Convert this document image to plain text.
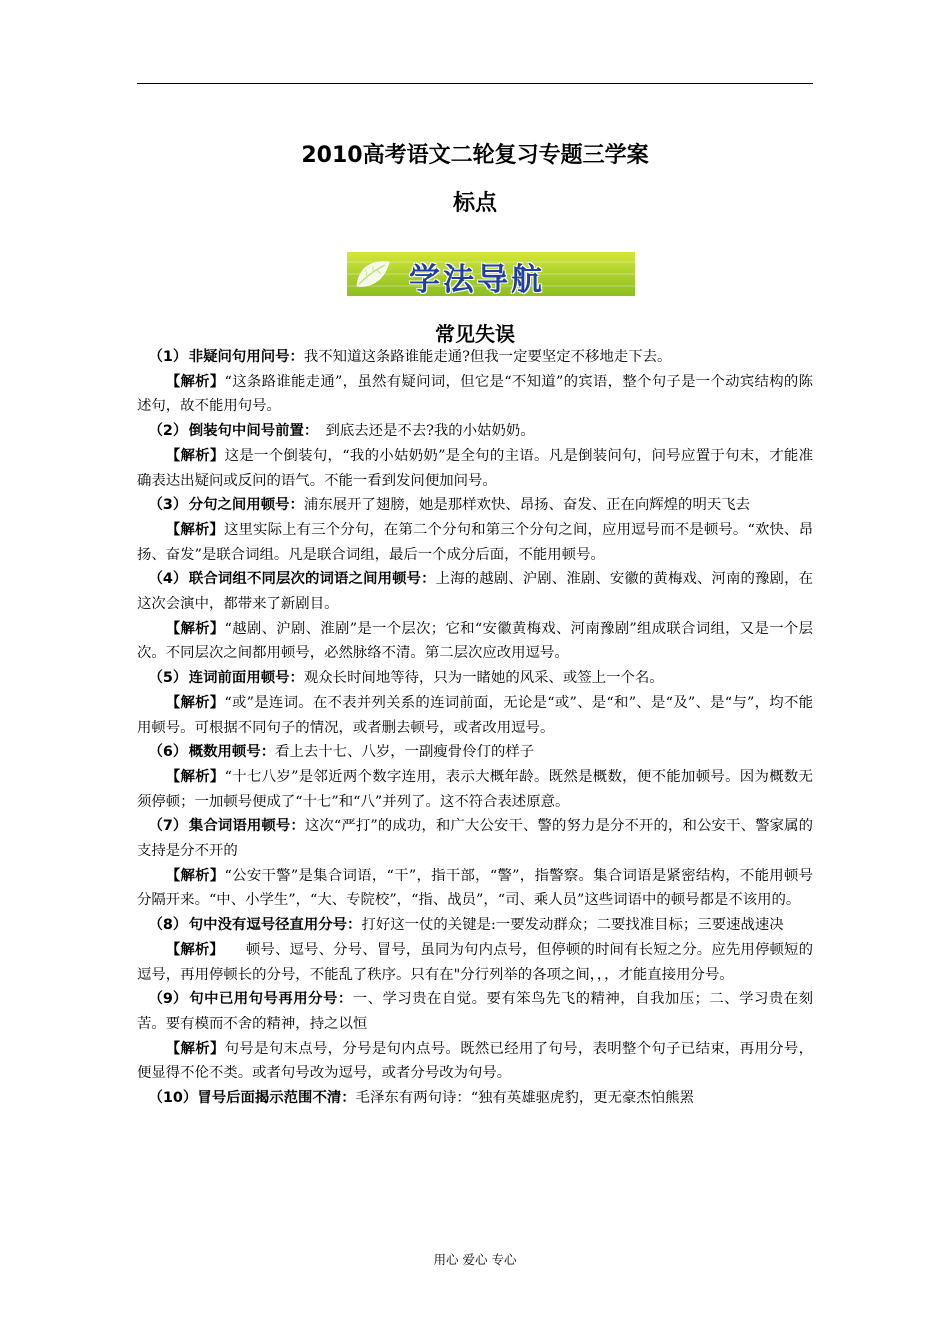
2010高考语文二轮复习专题三学案
标点
学法导航
常见失误

（1）非疑问句用问号：我不知道这条路谁能走通?但我一定要坚定不移地走下去。

【解析】“这条路谁能走通”，虽然有疑问词，但它是“不知道”的宾语，整个句子是一个动宾结构的陈述句，故不能用句号。

（2）倒装句中间号前置：　到底去还是不去?我的小姑奶奶。

【解析】这是一个倒装句，“我的小姑奶奶”是全句的主语。凡是倒装问句，问号应置于句末，才能准确表达出疑问或反问的语气。不能一看到发问便加问号。

（3）分句之间用顿号：浦东展开了翅膀，她是那样欢快、昂扬、奋发、正在向辉煌的明天飞去

【解析】这里实际上有三个分句，在第二个分句和第三个分句之间，应用逗号而不是顿号。“欢快、昂扬、奋发”是联合词组。凡是联合词组，最后一个成分后面，不能用顿号。

（4）联合词组不同层次的词语之间用顿号：上海的越剧、沪剧、淮剧、安徽的黄梅戏、河南的豫剧，在这次会演中，都带来了新剧目。

【解析】“越剧、沪剧、淮剧”是一个层次；它和“安徽黄梅戏、河南豫剧”组成联合词组，又是一个层次。不同层次之间都用顿号，必然脉络不清。第二层次应改用逗号。

（5）连词前面用顿号：观众长时间地等待，只为一睹她的风采、或签上一个名。

【解析】“或”是连词。在不表并列关系的连词前面，无论是“或”、是“和”、是“及”、是“与”，均不能用顿号。可根据不同句子的情况，或者删去顿号，或者改用逗号。

（6）概数用顿号：看上去十七、八岁，一副瘦骨伶仃的样子

【解析】“十七八岁”是邻近两个数字连用，表示大概年龄。既然是概数，便不能加顿号。因为概数无须停顿；一加顿号便成了“十七”和“八”并列了。这不符合表述原意。

（7）集合词语用顿号：这次“严打”的成功，和广大公安干、警的努力是分不开的，和公安干、警家属的支持是分不开的

【解析】“公安干警”是集合词语，“干”，指干部，“警”，指警察。集合词语是紧密结构，不能用顿号分隔开来。“中、小学生”，“大、专院校”，“指、战员”，“司、乘人员”这些词语中的顿号都是不该用的。

（8）句中没有逗号径直用分号：打好这一仗的关键是:一要发动群众；二要找准目标；三要速战速决

【解析】　　顿号、逗号、分号、冒号，虽同为句内点号，但停顿的时间有长短之分。应先用停顿短的逗号，再用停顿长的分号，不能乱了秩序。只有在"分行列举的各项之间，，，才能直接用分号。

（9）句中已用句号再用分号：一、学习贵在自觉。要有笨鸟先飞的精神，自我加压；二、学习贵在刻苦。要有模而不舍的精神，持之以恒

【解析】句号是句末点号，分号是句内点号。既然已经用了句号，表明整个句子已结束，再用分号，便显得不伦不类。或者句号改为逗号，或者分号改为句号。

（10）冒号后面揭示范围不清：毛泽东有两句诗：“独有英雄驱虎豹，更无豪杰怕熊罴

用心 爱心 专心
